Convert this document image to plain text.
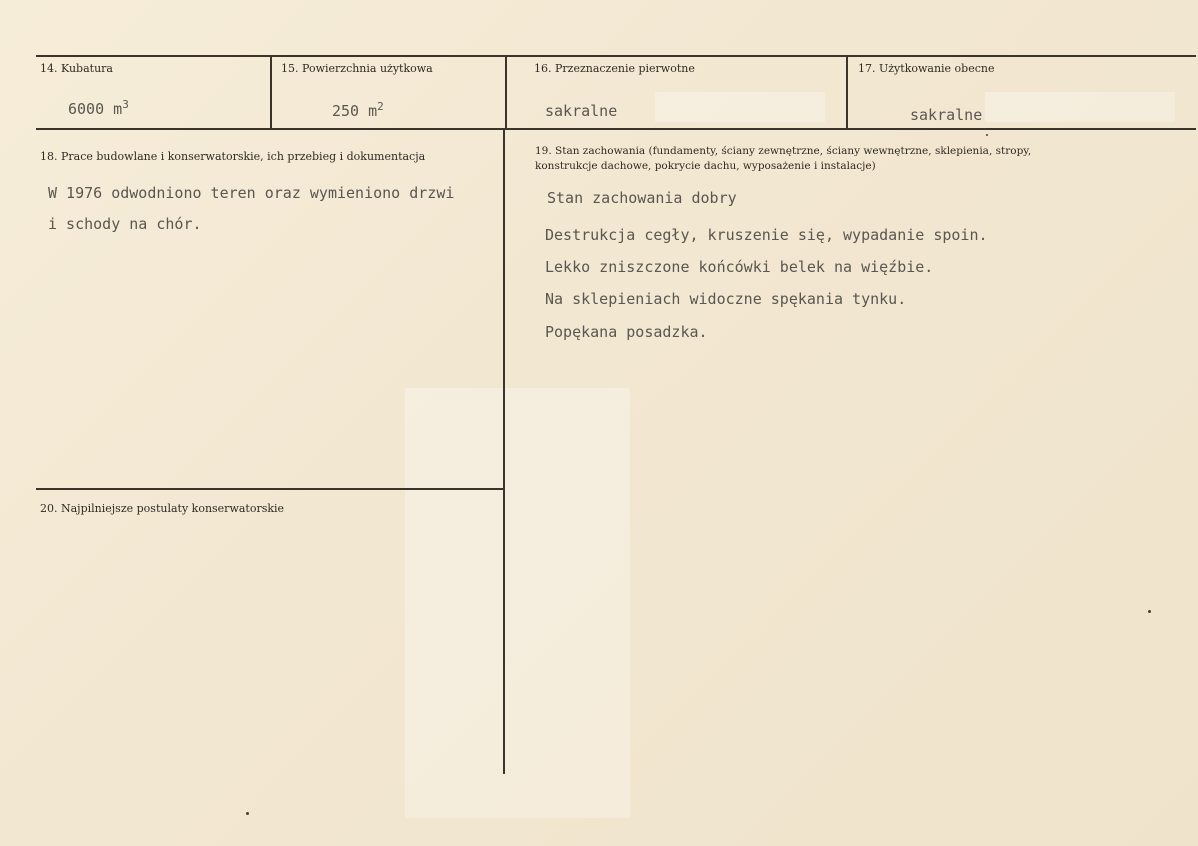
14. Kubatura
6000 $m^3$
15. Powierzchnia użytkowa
250 $m^2$
16. Przeznaczenie pierwotne
sakralne
17. Użytkowanie obecne
sakralne
18. Prace budowlane i konserwatorskie, ich przebieg i dokumentacja
W 1976 odwodniono teren oraz wymieniono drzwi
i schody na chór.
19. Stan zachowania (fundamenty, ściany zewnętrzne, ściany wewnętrzne, sklepienia, stropy,
konstrukcje dachowe, pokrycie dachu, wyposażenie i instalacje)
Stan zachowania dobry
Destrukcja cegły, kruszenie się, wypadanie spoin.
Lekko zniszczone końcówki belek na więźbie.
Na sklepieniach widoczne spękania tynku.
Popękana posadzka.
20. Najpilniejsze postulaty konserwatorskie
